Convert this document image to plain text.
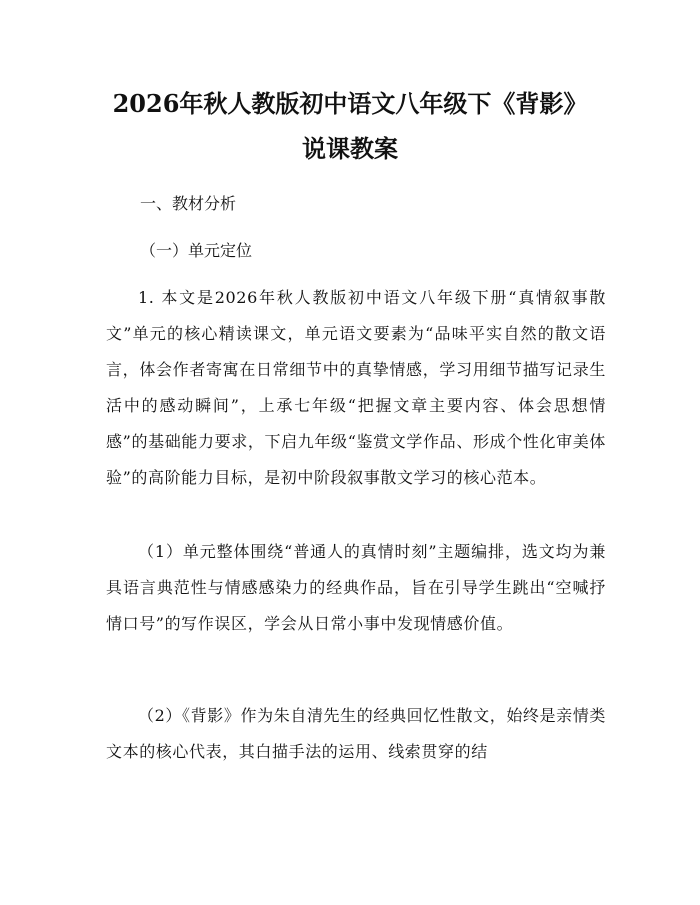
2026年秋人教版初中语文八年级下《背影》
说课教案
一、教材分析
（一）单元定位
1. 本文是2026年秋人教版初中语文八年级下册“真情叙事散文”单元的核心精读课文，单元语文要素为“品味平实自然的散文语言，体会作者寄寓在日常细节中的真挚情感，学习用细节描写记录生活中的感动瞬间”，上承七年级“把握文章主要内容、体会思想情感”的基础能力要求，下启九年级“鉴赏文学作品、形成个性化审美体验”的高阶能力目标，是初中阶段叙事散文学习的核心范本。
（1）单元整体围绕“普通人的真情时刻”主题编排，选文均为兼具语言典范性与情感感染力的经典作品，旨在引导学生跳出“空喊抒情口号”的写作误区，学会从日常小事中发现情感价值。
（2）《背影》作为朱自清先生的经典回忆性散文，始终是亲情类文本的核心代表，其白描手法的运用、线索贯穿的结
